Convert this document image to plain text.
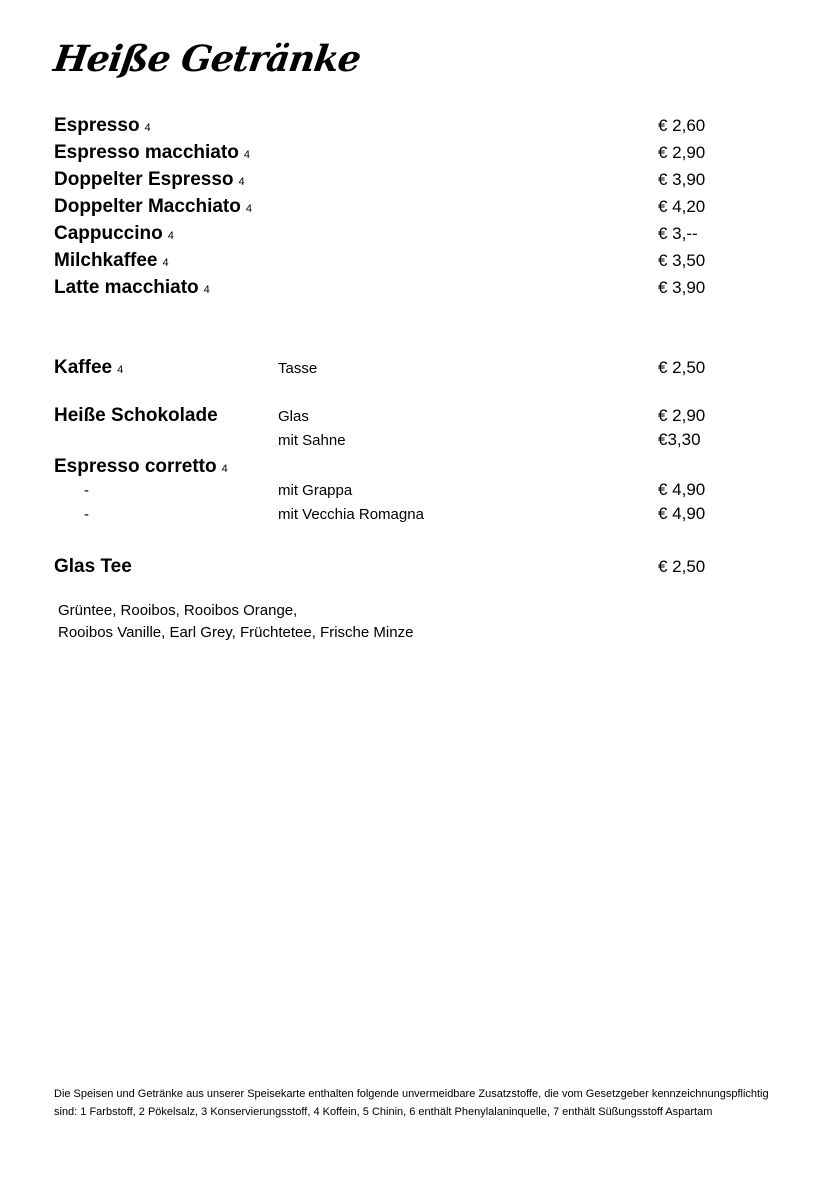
Heiße Getränke
Espresso 4	€ 2,60
Espresso macchiato 4	€ 2,90
Doppelter Espresso 4	€ 3,90
Doppelter Macchiato 4	€ 4,20
Cappuccino 4	€ 3,--
Milchkaffee 4	€ 3,50
Latte macchiato 4	€ 3,90
Kaffee 4	Tasse	€ 2,50
Heiße Schokolade	Glas	€ 2,90
mit Sahne	€3,30
Espresso corretto 4
-	mit Grappa	€ 4,90
-	mit Vecchia Romagna	€ 4,90
Glas Tee	€ 2,50
Grüntee, Rooibos, Rooibos Orange,
Rooibos Vanille, Earl Grey, Früchtetee, Frische Minze
Die Speisen und Getränke aus unserer Speisekarte enthalten folgende unvermeidbare Zusatzstoffe, die vom Gesetzgeber kennzeichnungspflichtig
sind: 1 Farbstoff, 2 Pökelsalz, 3 Konservierungsstoff, 4 Koffein, 5 Chinin, 6 enthält Phenylalaninquelle, 7 enthält Süßungsstoff Aspartam
